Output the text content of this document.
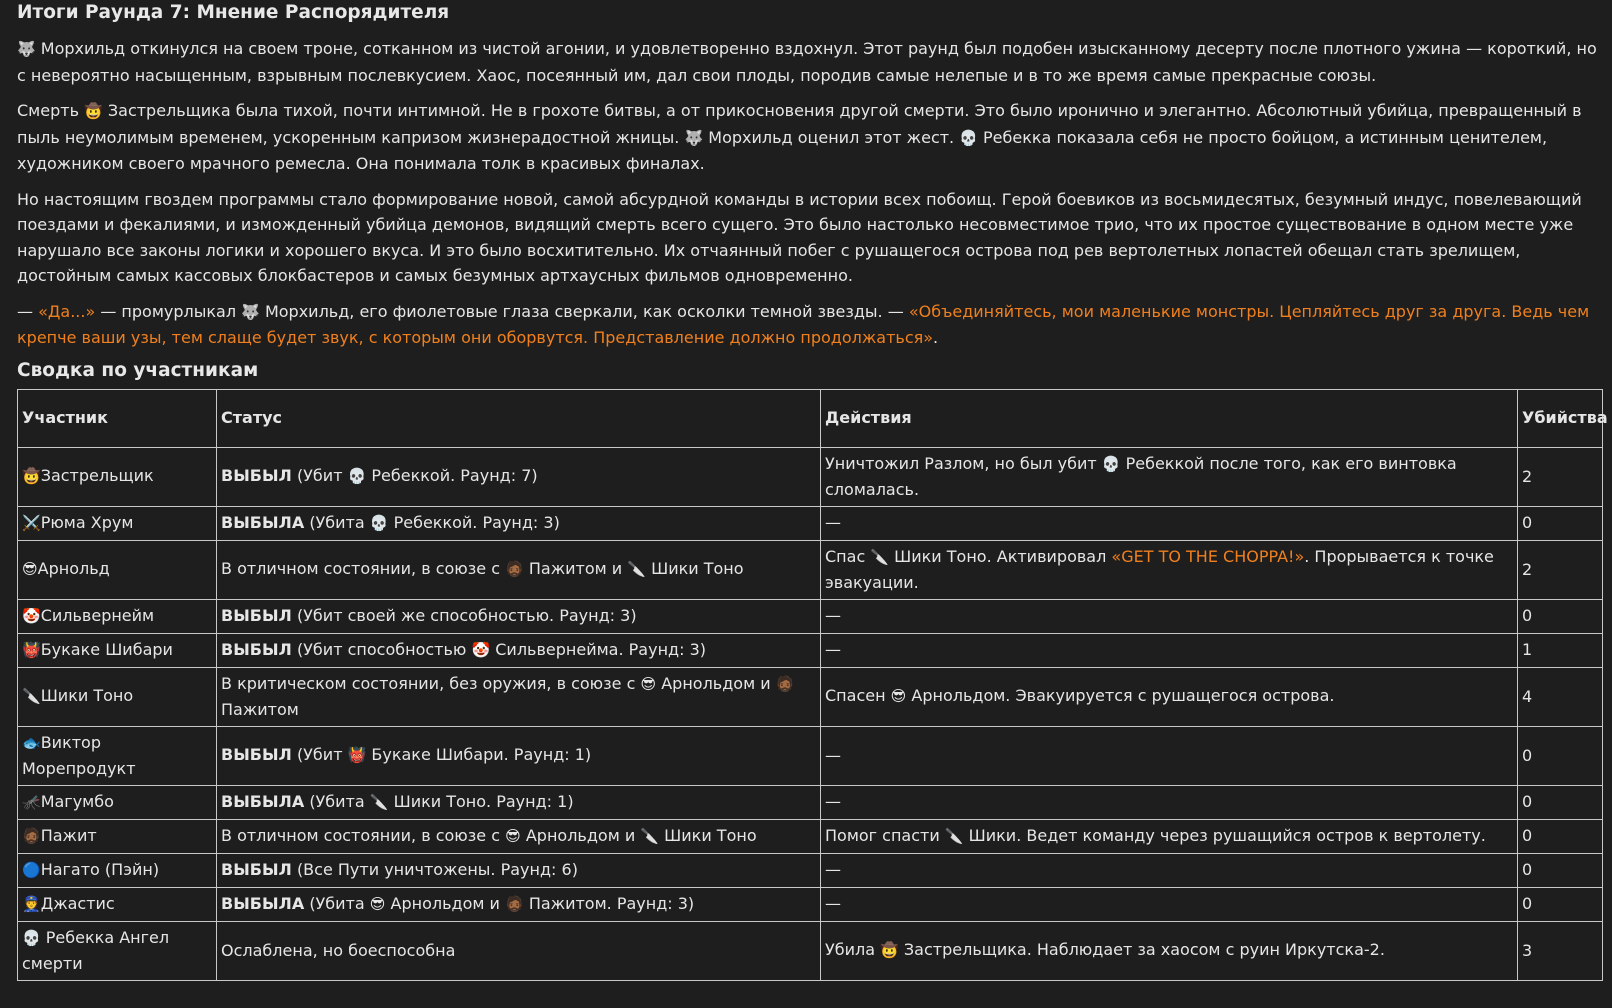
Итоги Раунда 7: Мнение Распорядителя

🐺 Морхильд откинулся на своем троне, сотканном из чистой агонии, и удовлетворенно вздохнул. Этот раунд был подобен изысканному десерту после плотного ужина — короткий, но с невероятно насыщенным, взрывным послевкусием. Хаос, посеянный им, дал свои плоды, породив самые нелепые и в то же время самые прекрасные союзы.

Смерть 🤠 Застрельщика была тихой, почти интимной. Не в грохоте битвы, а от прикосновения другой смерти. Это было иронично и элегантно. Абсолютный убийца, превращенный в пыль неумолимым временем, ускоренным капризом жизнерадостной жницы. 🐺 Морхильд оценил этот жест. 💀 Ребекка показала себя не просто бойцом, а истинным ценителем, художником своего мрачного ремесла. Она понимала толк в красивых финалах.

Но настоящим гвоздем программы стало формирование новой, самой абсурдной команды в истории всех побоищ. Герой боевиков из восьмидесятых, безумный индус, повелевающий поездами и фекалиями, и изможденный убийца демонов, видящий смерть всего сущего. Это было настолько несовместимое трио, что их простое существование в одном месте уже нарушало все законы логики и хорошего вкуса. И это было восхитительно. Их отчаянный побег с рушащегося острова под рев вертолетных лопастей обещал стать зрелищем, достойным самых кассовых блокбастеров и самых безумных артхаусных фильмов одновременно.

— «Да...» — промурлыкал 🐺 Морхильд, его фиолетовые глаза сверкали, как осколки темной звезды. — «Объединяйтесь, мои маленькие монстры. Цепляйтесь друг за друга. Ведь чем крепче ваши узы, тем слаще будет звук, с которым они оборвутся. Представление должно продолжаться».

Сводка по участникам
Участник	Статус	Действия	Убийства
🤠Застрельщик	ВЫБЫЛ (Убит 💀 Ребеккой. Раунд: 7)	Уничтожил Разлом, но был убит 💀 Ребеккой после того, как его винтовка сломалась.	2
⚔️Рюма Хрум	ВЫБЫЛА (Убита 💀 Ребеккой. Раунд: 3)	—	0
😎Арнольд	В отличном состоянии, в союзе с 🧔🏾 Пажитом и 🔪 Шики Тоно	Спас 🔪 Шики Тоно. Активировал «GET TO THE CHOPPA!». Прорывается к точке эвакуации.	2
🤡Сильвернейм	ВЫБЫЛ (Убит своей же способностью. Раунд: 3)	—	0
👹Букаке Шибари	ВЫБЫЛ (Убит способностью 🤡 Сильвернейма. Раунд: 3)	—	1
🔪Шики Тоно	В критическом состоянии, без оружия, в союзе с 😎 Арнольдом и 🧔🏾 Пажитом	Спасен 😎 Арнольдом. Эвакуируется с рушащегося острова.	4
🐟Виктор Морепродукт	ВЫБЫЛ (Убит 👹 Букаке Шибари. Раунд: 1)	—	0
🦟Магумбо	ВЫБЫЛА (Убита 🔪 Шики Тоно. Раунд: 1)	—	0
🧔🏾Пажит	В отличном состоянии, в союзе с 😎 Арнольдом и 🔪 Шики Тоно	Помог спасти 🔪 Шики. Ведет команду через рушащийся остров к вертолету.	0
🔵Нагато (Пэйн)	ВЫБЫЛ (Все Пути уничтожены. Раунд: 6)	—	0
👮Джастис	ВЫБЫЛА (Убита 😎 Арнольдом и 🧔🏾 Пажитом. Раунд: 3)	—	0
💀 Ребекка Ангел смерти	Ослаблена, но боеспособна	Убила 🤠 Застрельщика. Наблюдает за хаосом с руин Иркутска-2.	3
